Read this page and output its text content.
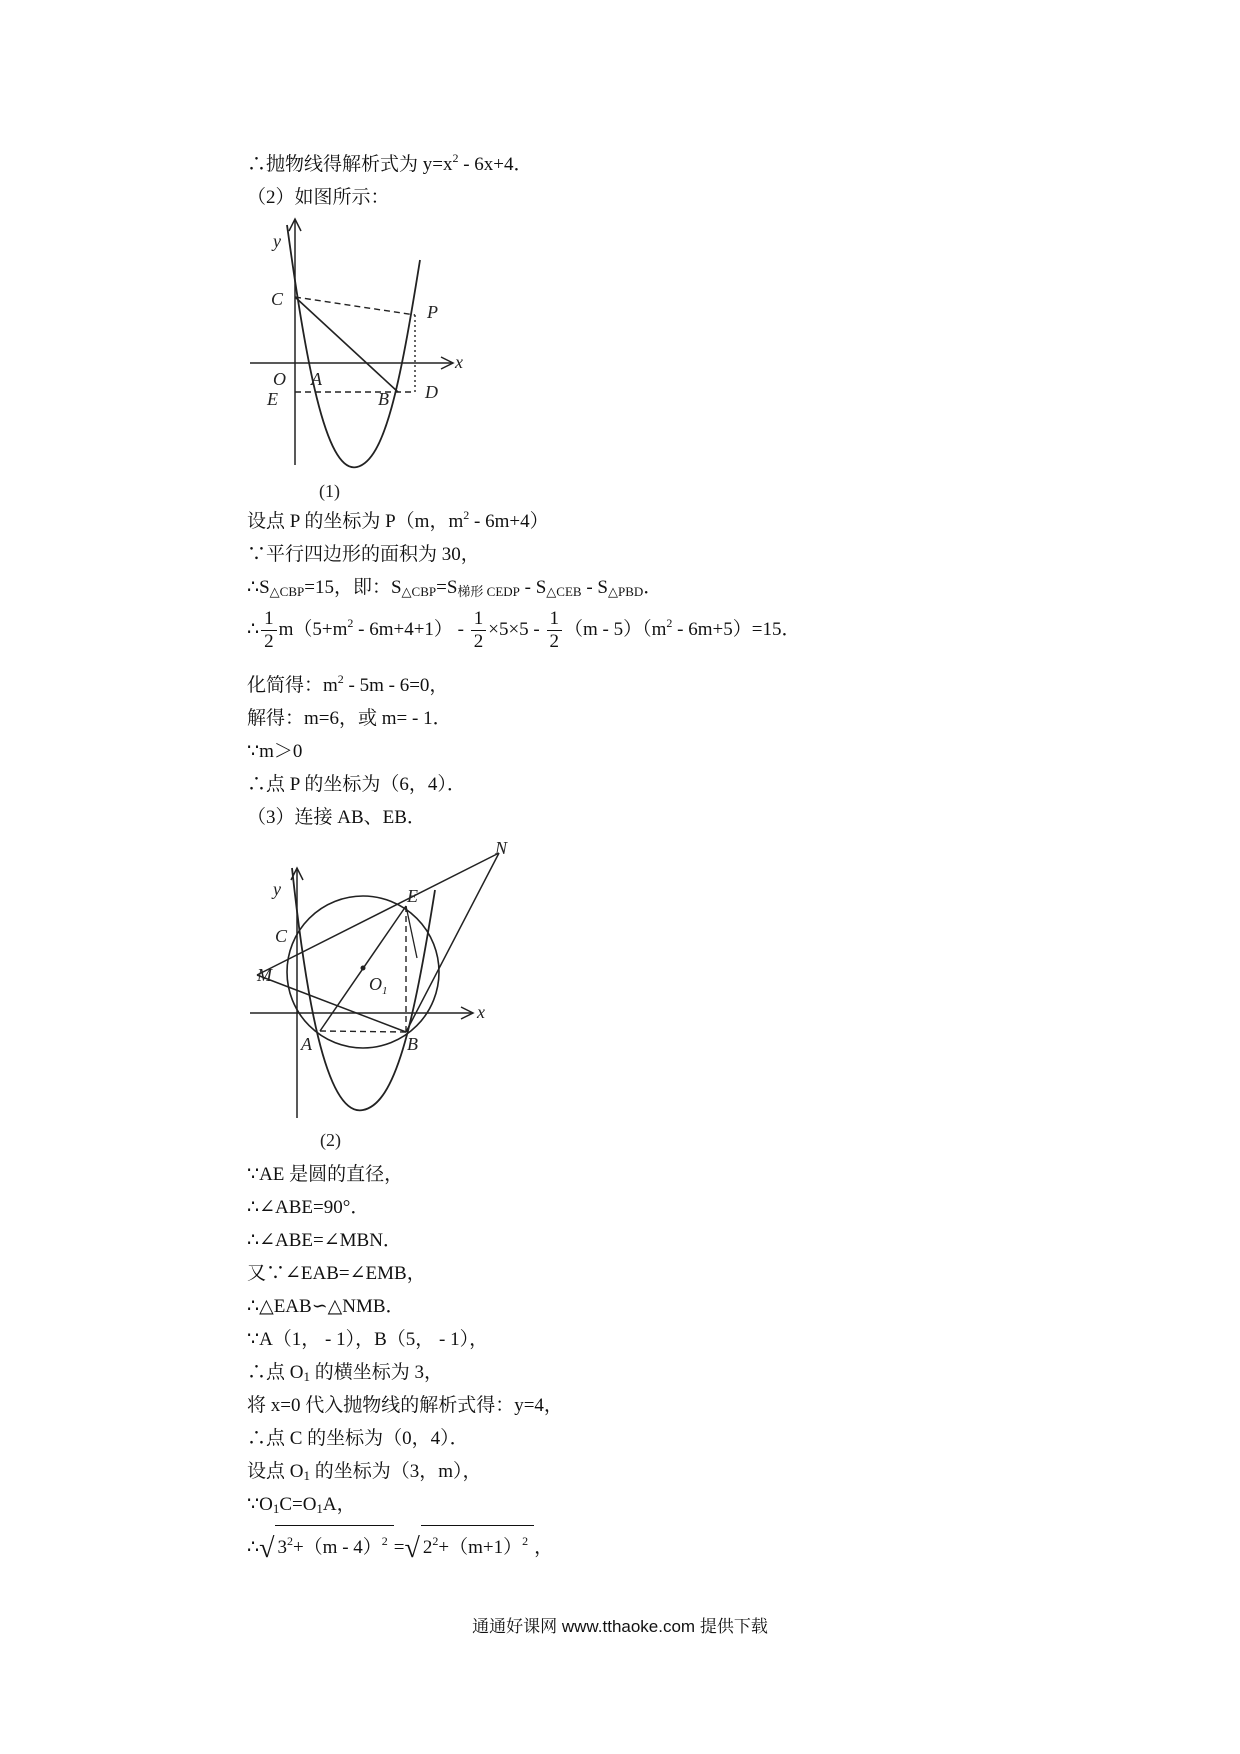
∴抛物线得解析式为 $y=x^2 - 6x+4$．
（2）如图所示：
y
x
C
P
O A
E	B D
(1)
设点 P 的坐标为 P（m，$m^2 - 6m+4$）
∵平行四边形的面积为 30，
$\therefore S_{\triangle CBP}=15$，即：$S_{\triangle CBP}=S_{梯形 CEDP} - S_{\triangle CEB} - S_{\triangle PBD}$．
∴ $\frac{1}{2} m(5+m^2 - 6m+4+1) - \frac{1}{2} \times 5\times 5 - \frac{1}{2} (m - 5)(m^2 - 6m+5)=15$．
化简得：$m^2 - 5m - 6=0$，
解得：m=6，或 m= - 1．
∵m＞0
∴点 P 的坐标为（6，4）．
（3）连接 AB、EB．
y
x
N
E
C
M	$O_1$
A	B
(2)
∵AE 是圆的直径，
∴∠ABE=90°．
∴∠ABE=∠MBN．
又∵∠EAB=∠EMB，
∴△EAB∽△NMB．
∵A（1， - 1），B（5， - 1），
∴点 $O_1$ 的横坐标为 3，
将 x=0 代入抛物线的解析式得：y=4，
∴点 C 的坐标为（0，4）．
设点 $O_1$ 的坐标为（3，m），
$\because O_1C=O_1A$，
∴√ $3^2+(m - 4)^2$ =√ $2^2+(m+1)^2$ ，
通通好课网 www.tthaoke.com 提供下载
